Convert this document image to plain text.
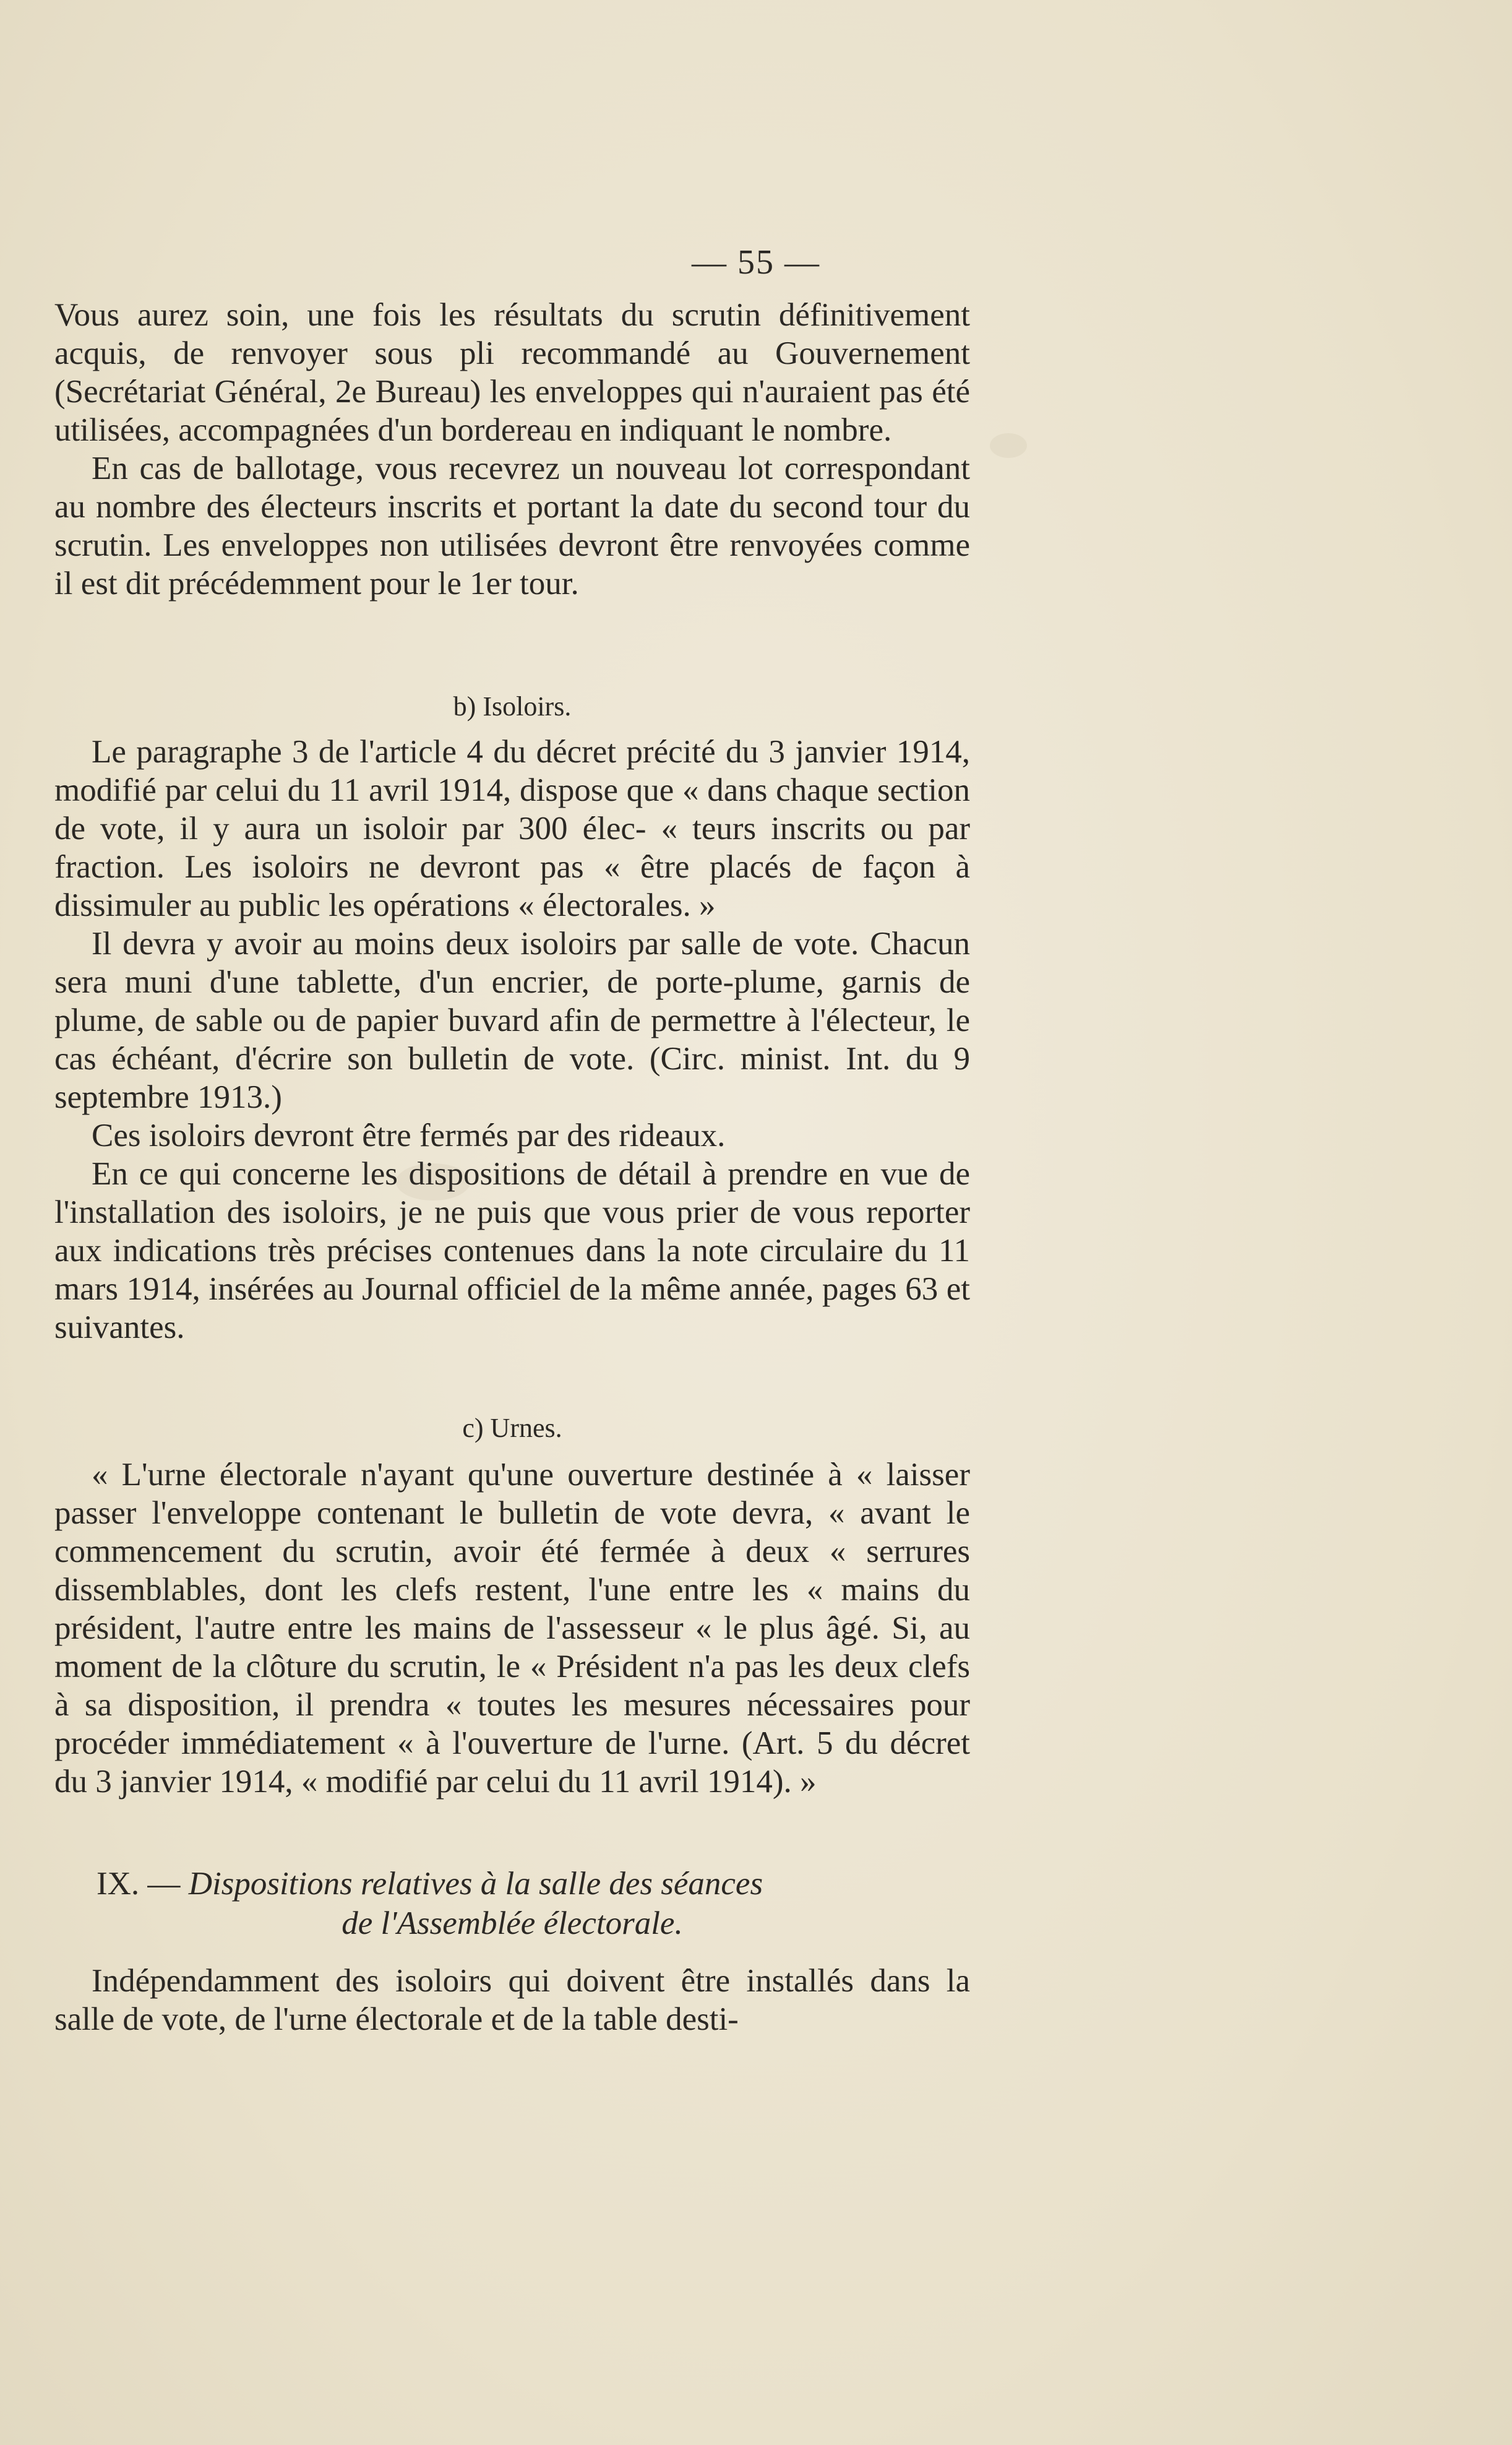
— 55 —

Vous aurez soin, une fois les résultats du scrutin définitivement acquis, de renvoyer sous pli recommandé au Gouvernement (Secrétariat Général, 2e Bureau) les enveloppes qui n'auraient pas été utilisées, accompagnées d'un bordereau en indiquant le nombre.

En cas de ballotage, vous recevrez un nouveau lot correspondant au nombre des électeurs inscrits et portant la date du second tour du scrutin. Les enveloppes non utilisées devront être renvoyées comme il est dit précédemment pour le 1er tour.

b) Isoloirs.

Le paragraphe 3 de l'article 4 du décret précité du 3 janvier 1914, modifié par celui du 11 avril 1914, dispose que « dans chaque section de vote, il y aura un isoloir par 300 élec- « teurs inscrits ou par fraction. Les isoloirs ne devront pas « être placés de façon à dissimuler au public les opérations « électorales. »

Il devra y avoir au moins deux isoloirs par salle de vote. Chacun sera muni d'une tablette, d'un encrier, de porte-plume, garnis de plume, de sable ou de papier buvard afin de permettre à l'électeur, le cas échéant, d'écrire son bulletin de vote. (Circ. minist. Int. du 9 septembre 1913.)

Ces isoloirs devront être fermés par des rideaux.

En ce qui concerne les dispositions de détail à prendre en vue de l'installation des isoloirs, je ne puis que vous prier de vous reporter aux indications très précises contenues dans la note circulaire du 11 mars 1914, insérées au Journal officiel de la même année, pages 63 et suivantes.

c) Urnes.

« L'urne électorale n'ayant qu'une ouverture destinée à « laisser passer l'enveloppe contenant le bulletin de vote devra, « avant le commencement du scrutin, avoir été fermée à deux « serrures dissemblables, dont les clefs restent, l'une entre les « mains du président, l'autre entre les mains de l'assesseur « le plus âgé. Si, au moment de la clôture du scrutin, le « Président n'a pas les deux clefs à sa disposition, il prendra « toutes les mesures nécessaires pour procéder immédiatement « à l'ouverture de l'urne. (Art. 5 du décret du 3 janvier 1914, « modifié par celui du 11 avril 1914). »

IX. — Dispositions relatives à la salle des séances
de l'Assemblée électorale.

Indépendamment des isoloirs qui doivent être installés dans la salle de vote, de l'urne électorale et de la table desti-
